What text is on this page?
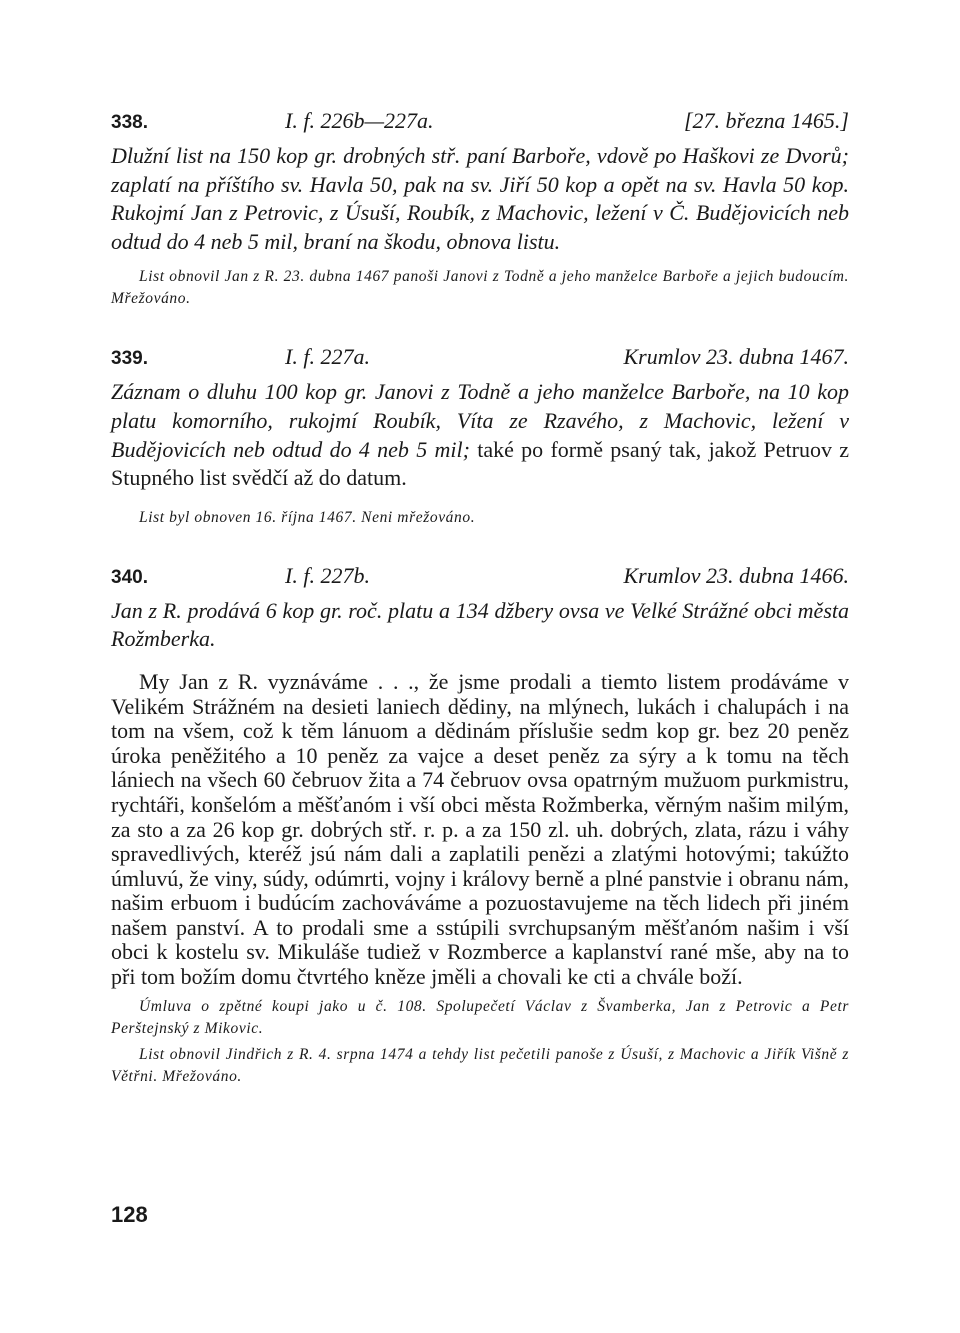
338.	I. f. 226b—227a.	[27. března 1465.]

Dlužní list na 150 kop gr. drobných stř. paní Barboře, vdově po Haškovi ze Dvorů; zaplatí na příštího sv. Havla 50, pak na sv. Jiří 50 kop a opět na sv. Havla 50 kop. Rukojmí Jan z Petrovic, z Úsuší, Roubík, z Machovic, ležení v Č. Budějovicích neb odtud do 4 neb 5 mil, braní na škodu, obnova listu.

List obnovil Jan z R. 23. dubna 1467 panoši Janovi z Todně a jeho manželce Barboře a jejich budoucím. Mřežováno.

339.	I. f. 227a.	Krumlov 23. dubna 1467.

Záznam o dluhu 100 kop gr. Janovi z Todně a jeho manželce Barboře, na 10 kop platu komorního, rukojmí Roubík, Víta ze Rzavého, z Machovic, ležení v Budějovicích neb odtud do 4 neb 5 mil; také po formě psaný tak, jakož Petruov z Stupného list svědčí až do datum.

List byl obnoven 16. října 1467. Neni mřežováno.

340.	I. f. 227b.	Krumlov 23. dubna 1466.

Jan z R. prodává 6 kop gr. roč. platu a 134 džbery ovsa ve Velké Strážné obci města Rožmberka.

My Jan z R. vyznáváme . . ., že jsme prodali a tiemto listem prodáváme v Velikém Strážném na desieti laniech dědiny, na mlýnech, lukách i chalupách i na tom na všem, což k těm lánuom a dědinám příslušie sedm kop gr. bez 20 peněz úroka peněžitého a 10 peněz za vajce a deset peněz za sýry a k tomu na těch lániech na všech 60 čebruov žita a 74 čebruov ovsa opatrným mužuom purkmistru, rychtáři, konšelóm a měšťanóm i vší obci města Rožmberka, věrným našim milým, za sto a za 26 kop gr. dobrých stř. r. p. a za 150 zl. uh. dobrých, zlata, rázu i váhy spravedlivých, kteréž jsú nám dali a zaplatili penězi a zlatými hotovými; takúžto úmluvú, že viny, súdy, odúmrti, vojny i královy berně a plné panstvie i obranu nám, našim erbuom i budúcím zachováváme a pozuostavujeme na těch lidech při jiném našem panství. A to prodali sme a sstúpili svrchupsaným měšťanóm našim i vší obci k kostelu sv. Mikuláše tudiež v Rozmberce a kaplanství rané mše, aby na to při tom božím domu čtvrtého kněze jměli a chovali ke cti a chvále boží.

Úmluva o zpětné koupi jako u č. 108. Spolupečetí Václav z Švamberka, Jan z Petrovic a Petr Perštejnský z Mikovic.

List obnovil Jindřich z R. 4. srpna 1474 a tehdy list pečetili panoše z Úsuší, z Machovic a Jiřík Višně z Větřni. Mřežováno.

128
